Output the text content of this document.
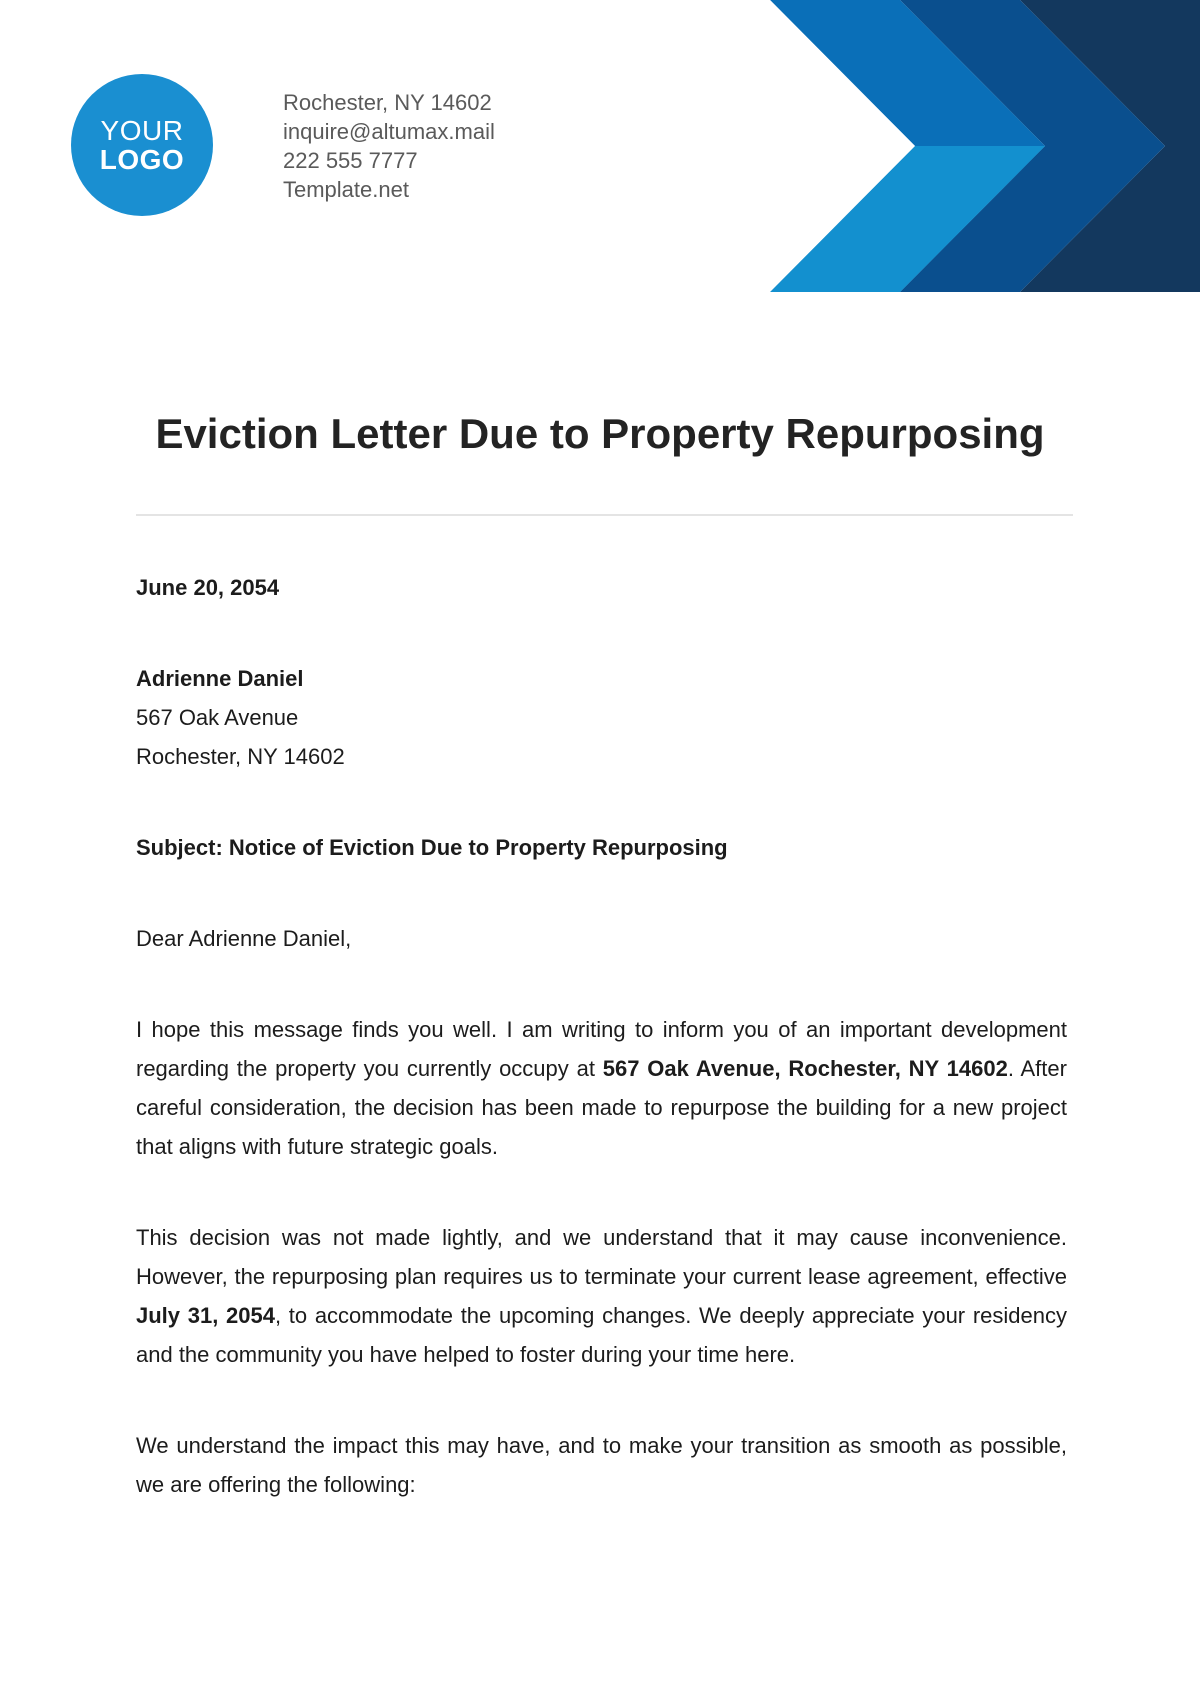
YOUR
LOGO
Rochester, NY 14602
inquire@altumax.mail
222 555 7777
Template.net
Eviction Letter Due to Property Repurposing

June 20, 2054

Adrienne Daniel

567 Oak Avenue

Rochester, NY 14602

Subject: Notice of Eviction Due to Property Repurposing

Dear Adrienne Daniel,

I hope this message finds you well. I am writing to inform you of an important development regarding the property you currently occupy at 567 Oak Avenue, Rochester, NY 14602. After careful consideration, the decision has been made to repurpose the building for a new project that aligns with future strategic goals.

This decision was not made lightly, and we understand that it may cause inconvenience. However, the repurposing plan requires us to terminate your current lease agreement, effective July 31, 2054, to accommodate the upcoming changes. We deeply appreciate your residency and the community you have helped to foster during your time here.

We understand the impact this may have, and to make your transition as smooth as possible, we are offering the following:
